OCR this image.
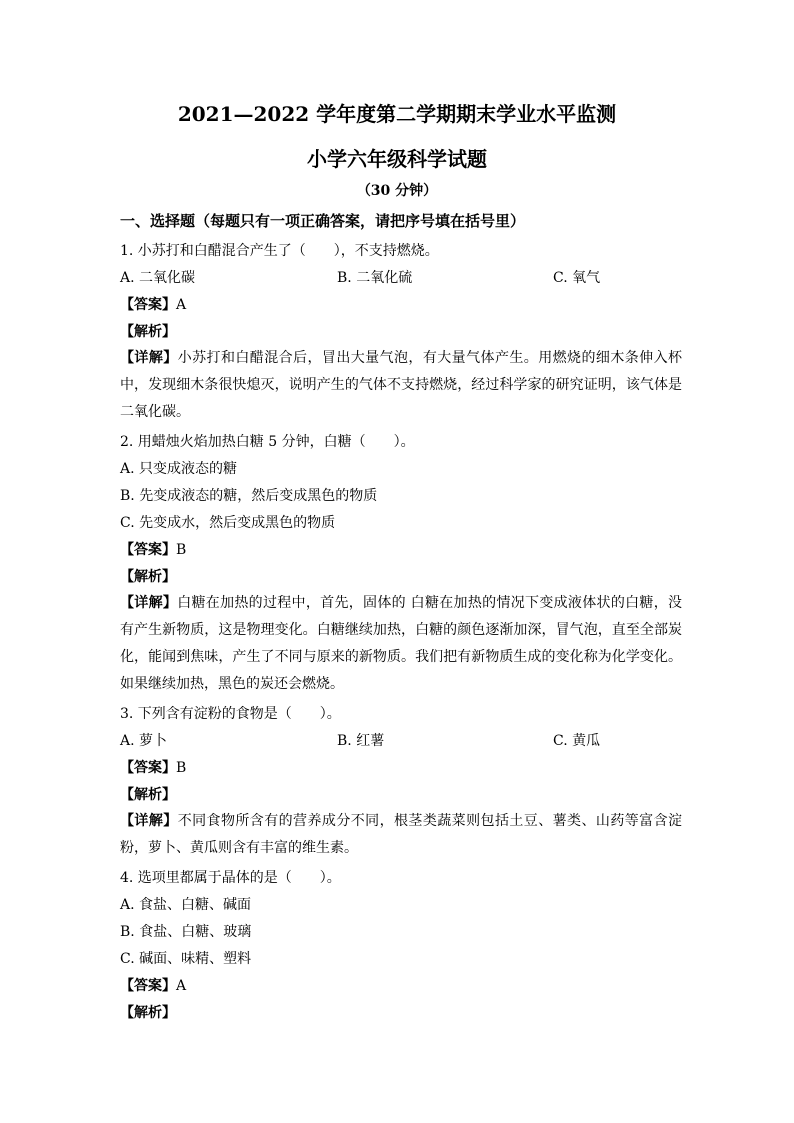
2021—2022 学年度第二学期期末学业水平监测
小学六年级科学试题
（30 分钟）
一、选择题（每题只有一项正确答案，请把序号填在括号里）
1. 小苏打和白醋混合产生了（　　），不支持燃烧。
A. 二氧化碳	B. 二氧化硫	C. 氧气
【答案】A
【解析】
【详解】小苏打和白醋混合后，冒出大量气泡，有大量气体产生。用燃烧的细木条伸入杯中，发现细木条很快熄灭，说明产生的气体不支持燃烧，经过科学家的研究证明，该气体是二氧化碳。
2. 用蜡烛火焰加热白糖 5 分钟，白糖（　　）。
A. 只变成液态的糖
B. 先变成液态的糖，然后变成黑色的物质
C. 先变成水，然后变成黑色的物质
【答案】B
【解析】
【详解】白糖在加热的过程中，首先，固体的 白糖在加热的情况下变成液体状的白糖，没有产生新物质，这是物理变化。白糖继续加热，白糖的颜色逐渐加深，冒气泡，直至全部炭化，能闻到焦味，产生了不同与原来的新物质。我们把有新物质生成的变化称为化学变化。如果继续加热，黑色的炭还会燃烧。
3. 下列含有淀粉的食物是（　　）。
A. 萝卜	B. 红薯	C. 黄瓜
【答案】B
【解析】
【详解】不同食物所含有的营养成分不同，根茎类蔬菜则包括土豆、薯类、山药等富含淀粉，萝卜、黄瓜则含有丰富的维生素。
4. 选项里都属于晶体的是（　　）。
A. 食盐、白糖、碱面
B. 食盐、白糖、玻璃
C. 碱面、味精、塑料
【答案】A
【解析】
